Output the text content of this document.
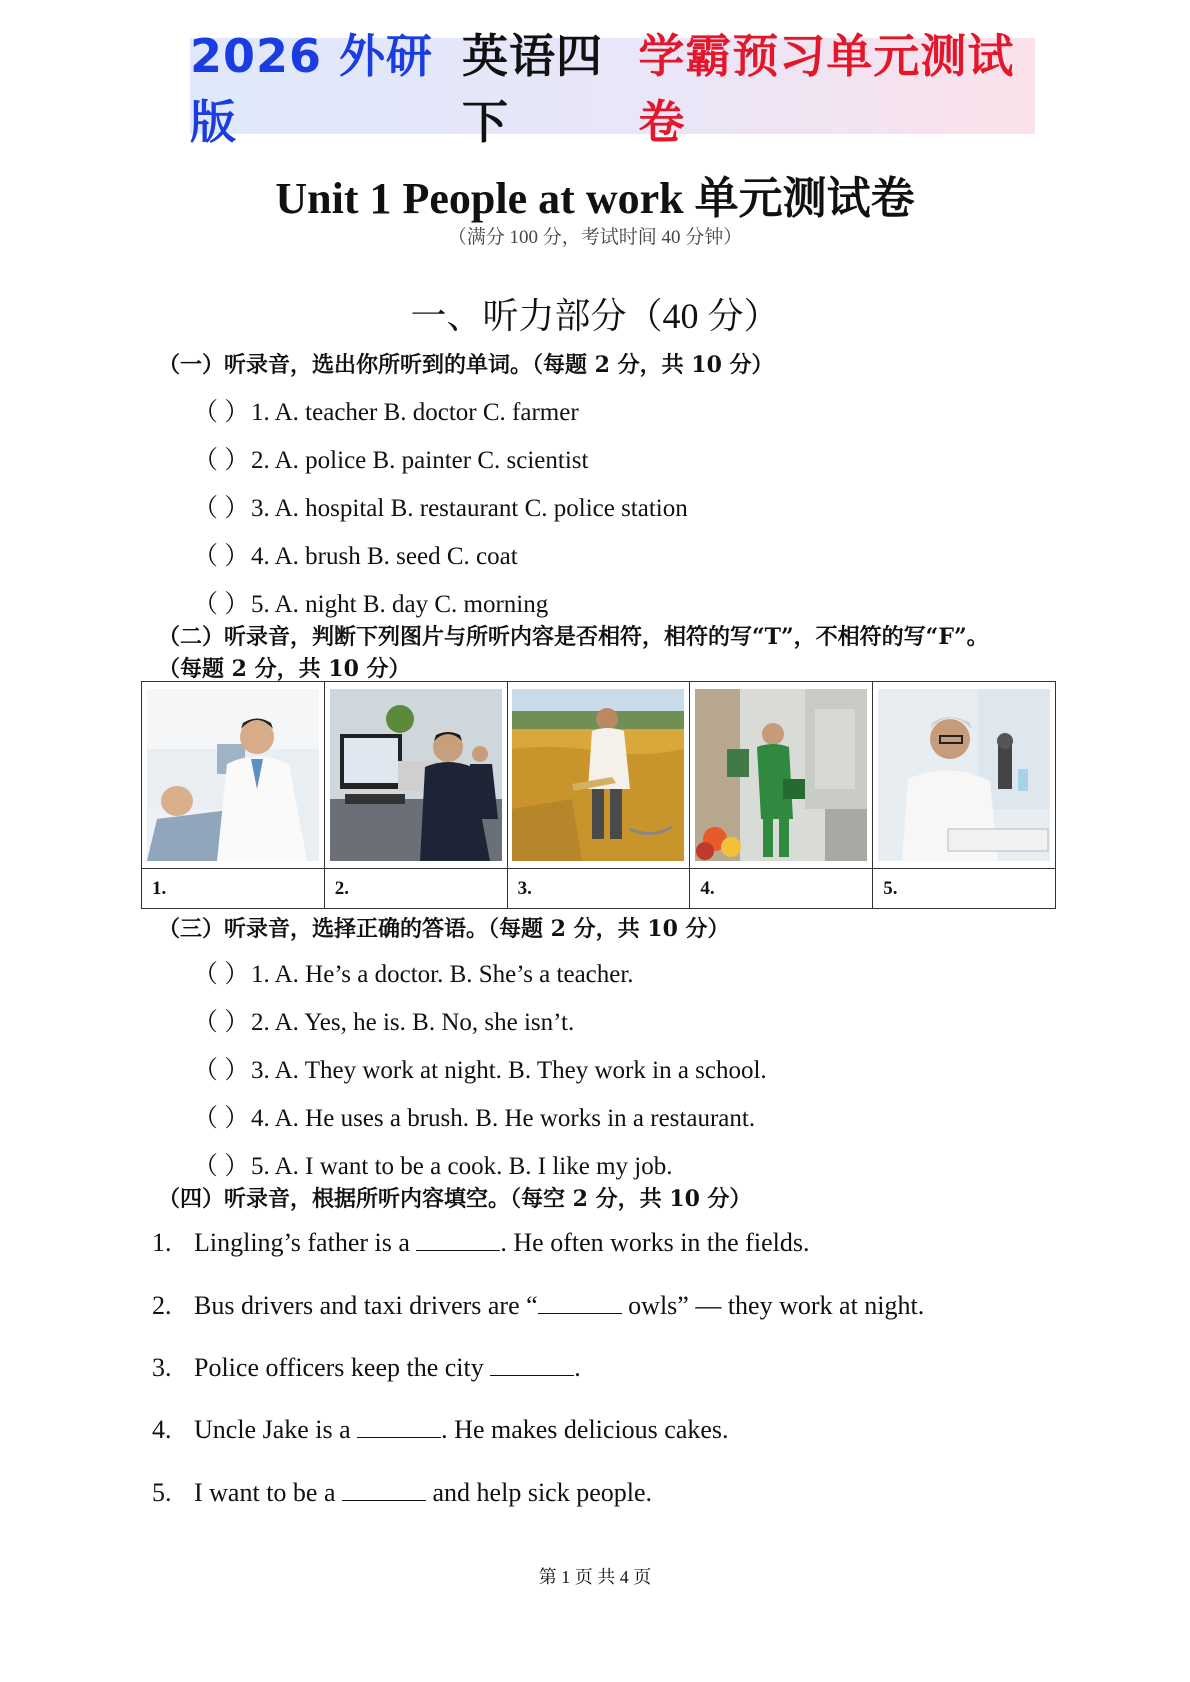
2026 外研版
英语四下
学霸预习单元测试卷
Unit 1 People at work 单元测试卷
（满分 100 分，考试时间 40 分钟）
一、听力部分（40 分）
（一）听录音，选出你所听到的单词。（每题 2 分，共 10 分）
（ ）1. A. teacher B. doctor C. farmer
（ ）2. A. police B. painter C. scientist
（ ）3. A. hospital B. restaurant C. police station
（ ）4. A. brush B. seed C. coat
（ ）5. A. night B. day C. morning
（二）听录音，判断下列图片与所听内容是否相符，相符的写“T”，不相符的写“F”。
（每题 2 分，共 10 分）

1.	2.	3.	4.	5.
（三）听录音，选择正确的答语。（每题 2 分，共 10 分）
（ ）1. A. He’s a doctor. B. She’s a teacher.
（ ）2. A. Yes, he is. B. No, she isn’t.
（ ）3. A. They work at night. B. They work in a school.
（ ）4. A. He uses a brush. B. He works in a restaurant.
（ ）5. A. I want to be a cook. B. I like my job.
（四）听录音，根据所听内容填空。（每空 2 分，共 10 分）
1. Lingling’s father is a	. He often works in the fields.
2. Bus drivers and taxi drivers are “	owls” — they work at night.
3. Police officers keep the city	.
4. Uncle Jake is a	. He makes delicious cakes.
5. I want to be a	and help sick people.
第 1 页 共 4 页
